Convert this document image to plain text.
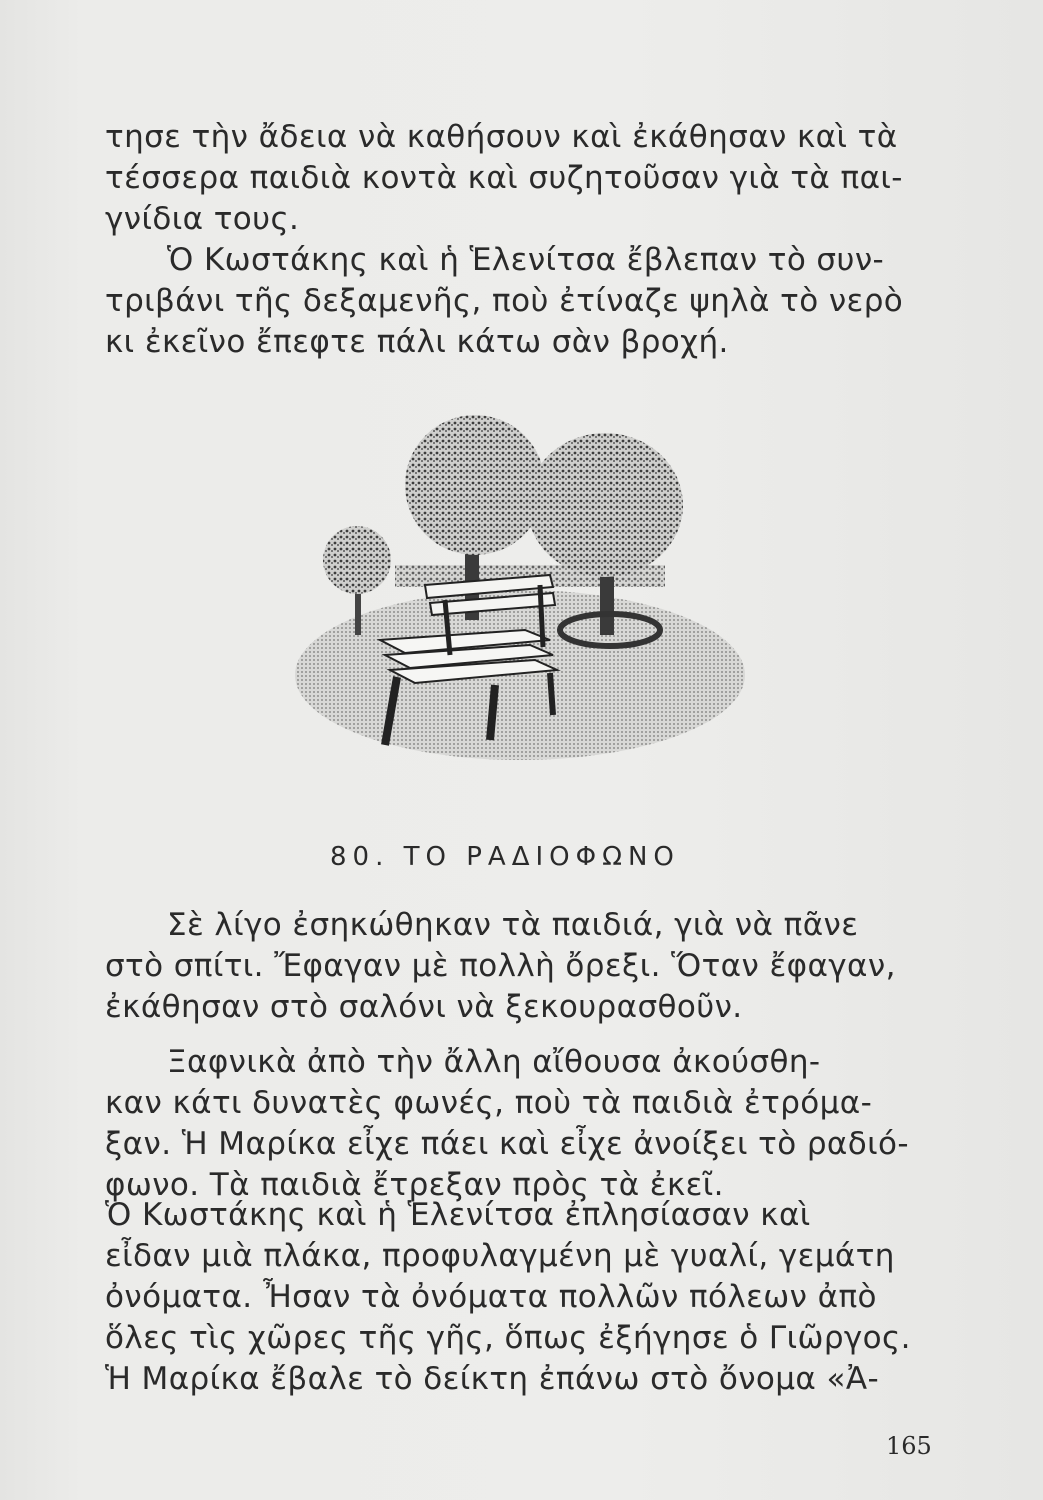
τησε τὴν ἄδεια νὰ καθήσουν καὶ ἐκάθησαν καὶ τὰ
τέσσερα παιδιὰ κοντὰ καὶ συζητοῦσαν γιὰ τὰ παι-
γνίδια τους.

Ὁ Κωστάκης καὶ ἡ Ἑλενίτσα ἔβλεπαν τὸ συν-
τριβάνι τῆς δεξαμενῆς, ποὺ ἐτίναζε ψηλὰ τὸ νερὸ
κι ἐκεῖνο ἔπεφτε πάλι κάτω σὰν βροχή.

80. ΤΟ ΡΑΔΙΟΦΩΝΟ

Σὲ λίγο ἐσηκώθηκαν τὰ παιδιά, γιὰ νὰ πᾶνε
στὸ σπίτι. Ἔφαγαν μὲ πολλὴ ὄρεξι. Ὅταν ἔφαγαν,
ἐκάθησαν στὸ σαλόνι νὰ ξεκουρασθοῦν.

Ξαφνικὰ ἀπὸ τὴν ἄλλη αἴθουσα ἀκούσθη-
καν κάτι δυνατὲς φωνές, ποὺ τὰ παιδιὰ ἐτρόμα-
ξαν. Ἡ Μαρίκα εἶχε πάει καὶ εἶχε ἀνοίξει τὸ ραδιό-
φωνο. Τὰ παιδιὰ ἔτρεξαν πρὸς τὰ ἐκεῖ.

Ὁ Κωστάκης καὶ ἡ Ἑλενίτσα ἐπλησίασαν καὶ
εἶδαν μιὰ πλάκα, προφυλαγμένη μὲ γυαλί, γεμάτη
ὀνόματα. Ἦσαν τὰ ὀνόματα πολλῶν πόλεων ἀπὸ
ὅλες τὶς χῶρες τῆς γῆς, ὅπως ἐξήγησε ὁ Γιῶργος.
Ἡ Μαρίκα ἔβαλε τὸ δείκτη ἐπάνω στὸ ὄνομα «Ἀ-

165
